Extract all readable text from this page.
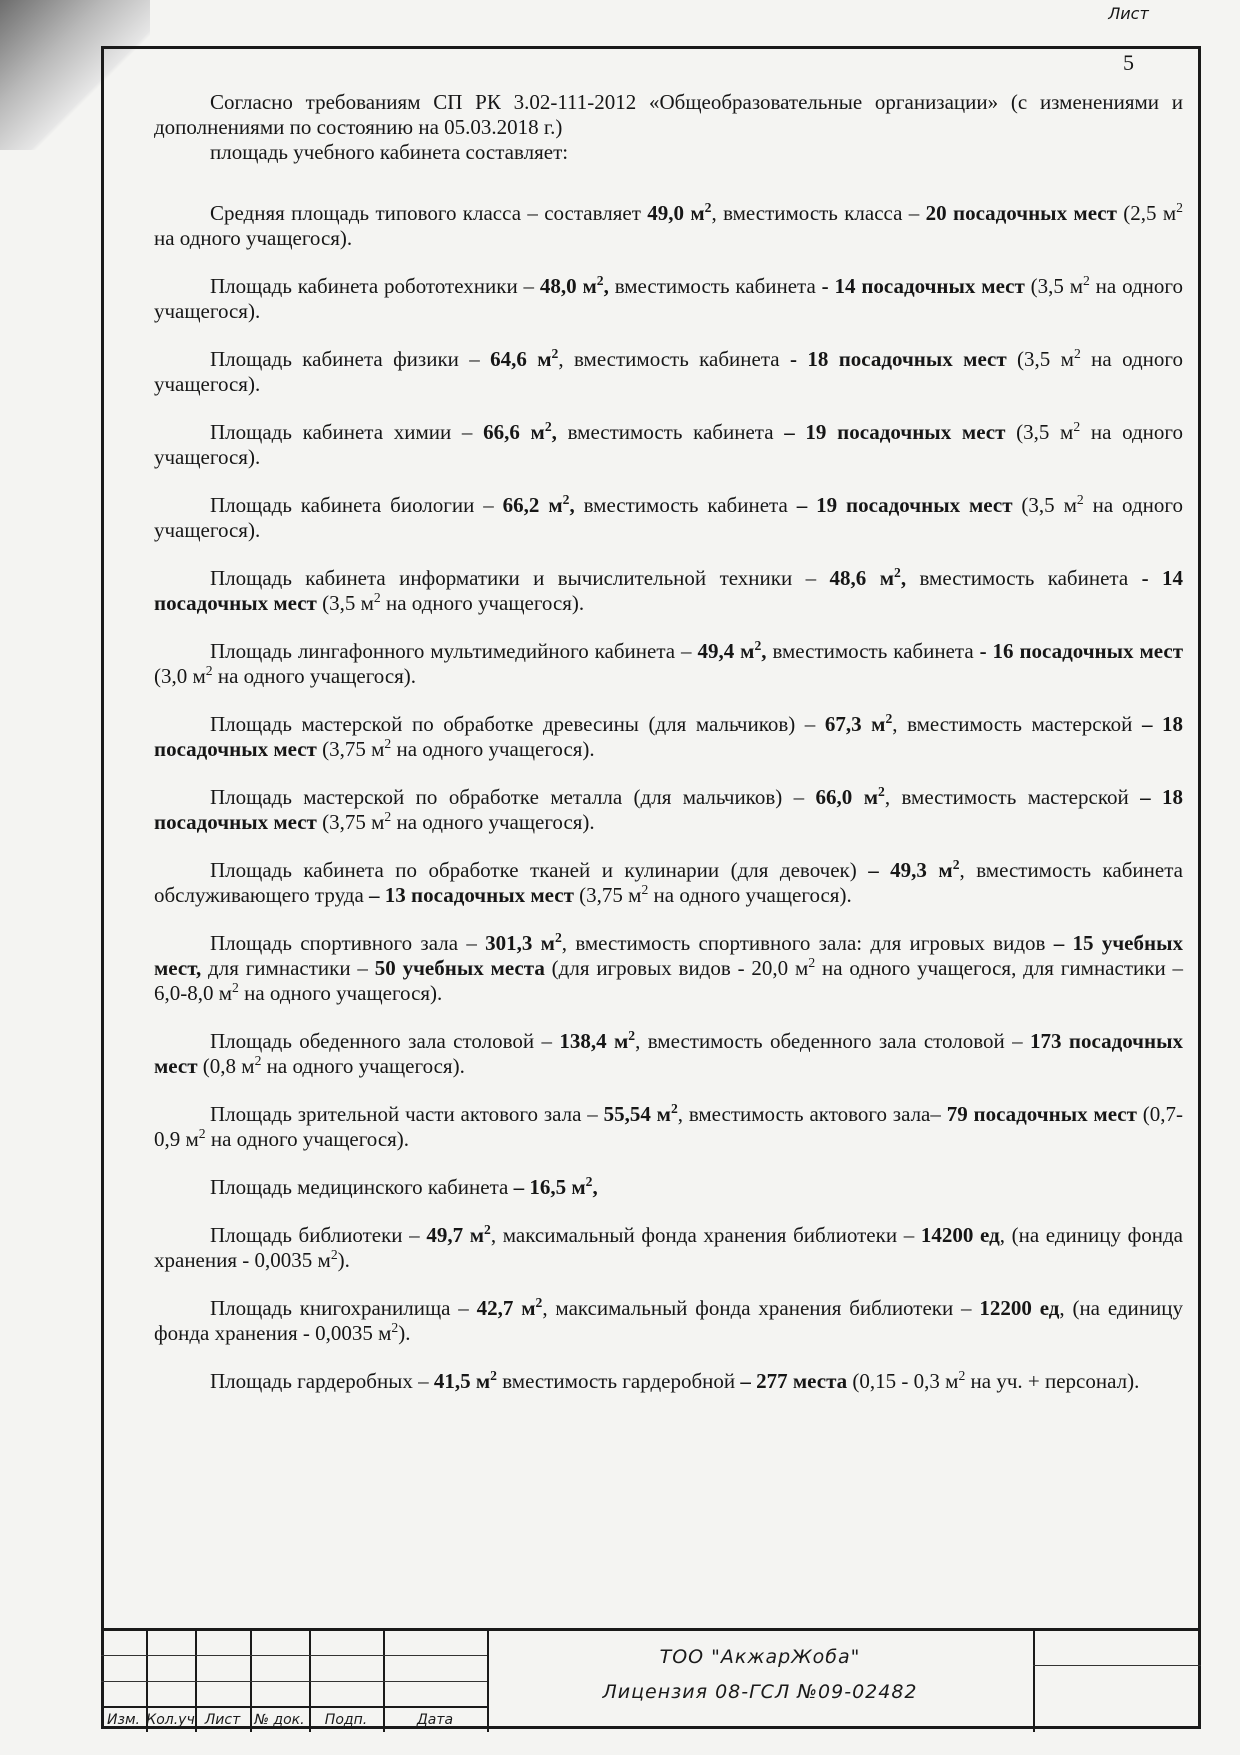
Согласно требованиям СП РК 3.02-111-2012 «Общеобразовательные организации» (с изменениями и дополнениями по состоянию на 05.03.2018 г.)

площадь учебного кабинета составляет:

Средняя площадь типового класса – составляет 49,0 $м^2$, вместимость класса – 20 посадочных мест (2,5 $м^2$ на одного учащегося).

Площадь кабинета робототехники – 48,0 $м^2$, вместимость кабинета - 14 посадочных мест (3,5 $м^2$ на одного учащегося).

Площадь кабинета физики – 64,6 $м^2$, вместимость кабинета - 18 посадочных мест (3,5 $м^2$ на одного учащегося).

Площадь кабинета химии – 66,6 $м^2$, вместимость кабинета – 19 посадочных мест (3,5 $м^2$ на одного учащегося).

Площадь кабинета биологии – 66,2 $м^2$, вместимость кабинета – 19 посадочных мест (3,5 $м^2$ на одного учащегося).

Площадь кабинета информатики и вычислительной техники – 48,6 $м^2$, вместимость кабинета - 14 посадочных мест (3,5 $м^2$ на одного учащегося).

Площадь лингафонного мультимедийного кабинета – 49,4 $м^2$, вместимость кабинета - 16 посадочных мест (3,0 $м^2$ на одного учащегося).

Площадь мастерской по обработке древесины (для мальчиков) – 67,3 $м^2$, вместимость мастерской – 18 посадочных мест (3,75 $м^2$ на одного учащегося).

Площадь мастерской по обработке металла (для мальчиков) – 66,0 $м^2$, вместимость мастерской – 18 посадочных мест (3,75 $м^2$ на одного учащегося).

Площадь кабинета по обработке тканей и кулинарии (для девочек) – 49,3 $м^2$, вместимость кабинета обслуживающего труда – 13 посадочных мест (3,75 $м^2$ на одного учащегося).

Площадь спортивного зала – 301,3 $м^2$, вместимость спортивного зала: для игровых видов – 15 учебных мест, для гимнастики – 50 учебных места (для игровых видов - 20,0 $м^2$ на одного учащегося, для гимнастики – 6,0-8,0 $м^2$ на одного учащегося).

Площадь обеденного зала столовой – 138,4 $м^2$, вместимость обеденного зала столовой – 173 посадочных мест (0,8 $м^2$ на одного учащегося).

Площадь зрительной части актового зала – 55,54 $м^2$, вместимость актового зала– 79 посадочных мест (0,7-0,9 $м^2$ на одного учащегося).

Площадь медицинского кабинета – 16,5 $м^2$,

Площадь библиотеки – 49,7 $м^2$, максимальный фонда хранения библиотеки – 14200 ед, (на единицу фонда хранения - 0,0035 $м^2$).

Площадь книгохранилища – 42,7 $м^2$, максимальный фонда хранения библиотеки – 12200 ед, (на единицу фонда хранения - 0,0035 $м^2$).

Площадь гардеробных – 41,5 $м^2$ вместимость гардеробной – 277 места (0,15 - 0,3 $м^2$ на уч. + персонал).

Изм. Кол.уч Лист	№ док.	Подп.	Дата
ТОО "АкжарЖоба"
Лицензия 08-ГСЛ №09-02482
Лист
5
